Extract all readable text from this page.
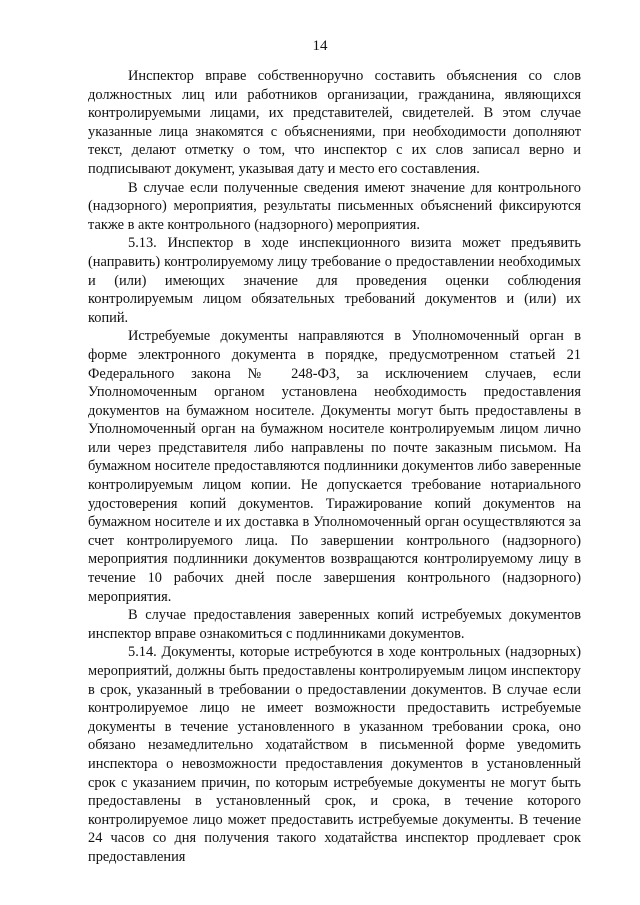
14

Инспектор вправе собственноручно составить объяснения со слов должностных лиц или работников организации, гражданина, являющихся контролируемыми лицами, их представителей, свидетелей. В этом случае указанные лица знакомятся с объяснениями, при необходимости дополняют текст, делают отметку о том, что инспектор с их слов записал верно и подписывают документ, указывая дату и место его составления.

В случае если полученные сведения имеют значение для контрольного (надзорного) мероприятия, результаты письменных объяснений фиксируются также в акте контрольного (надзорного) мероприятия.

5.13. Инспектор в ходе инспекционного визита может предъявить (направить) контролируемому лицу требование о предоставлении необходимых и (или) имеющих значение для проведения оценки соблюдения контролируемым лицом обязательных требований документов и (или) их копий.

Истребуемые документы направляются в Уполномоченный орган в форме электронного документа в порядке, предусмотренном статьей 21 Федерального закона № 248-ФЗ, за исключением случаев, если Уполномоченным органом установлена необходимость предоставления документов на бумажном носителе. Документы могут быть предоставлены в Уполномоченный орган на бумажном носителе контролируемым лицом лично или через представителя либо направлены по почте заказным письмом. На бумажном носителе предоставляются подлинники документов либо заверенные контролируемым лицом копии. Не допускается требование нотариального удостоверения копий документов. Тиражирование копий документов на бумажном носителе и их доставка в Уполномоченный орган осуществляются за счет контролируемого лица. По завершении контрольного (надзорного) мероприятия подлинники документов возвращаются контролируемому лицу в течение 10 рабочих дней после завершения контрольного (надзорного) мероприятия.

В случае предоставления заверенных копий истребуемых документов инспектор вправе ознакомиться с подлинниками документов.

5.14. Документы, которые истребуются в ходе контрольных (надзорных) мероприятий, должны быть предоставлены контролируемым лицом инспектору в срок, указанный в требовании о предоставлении документов. В случае если контролируемое лицо не имеет возможности предоставить истребуемые документы в течение установленного в указанном требовании срока, оно обязано незамедлительно ходатайством в письменной форме уведомить инспектора о невозможности предоставления документов в установленный срок с указанием причин, по которым истребуемые документы не могут быть предоставлены в установленный срок, и срока, в течение которого контролируемое лицо может предоставить истребуемые документы. В течение 24 часов со дня получения такого ходатайства инспектор продлевает срок предоставления
